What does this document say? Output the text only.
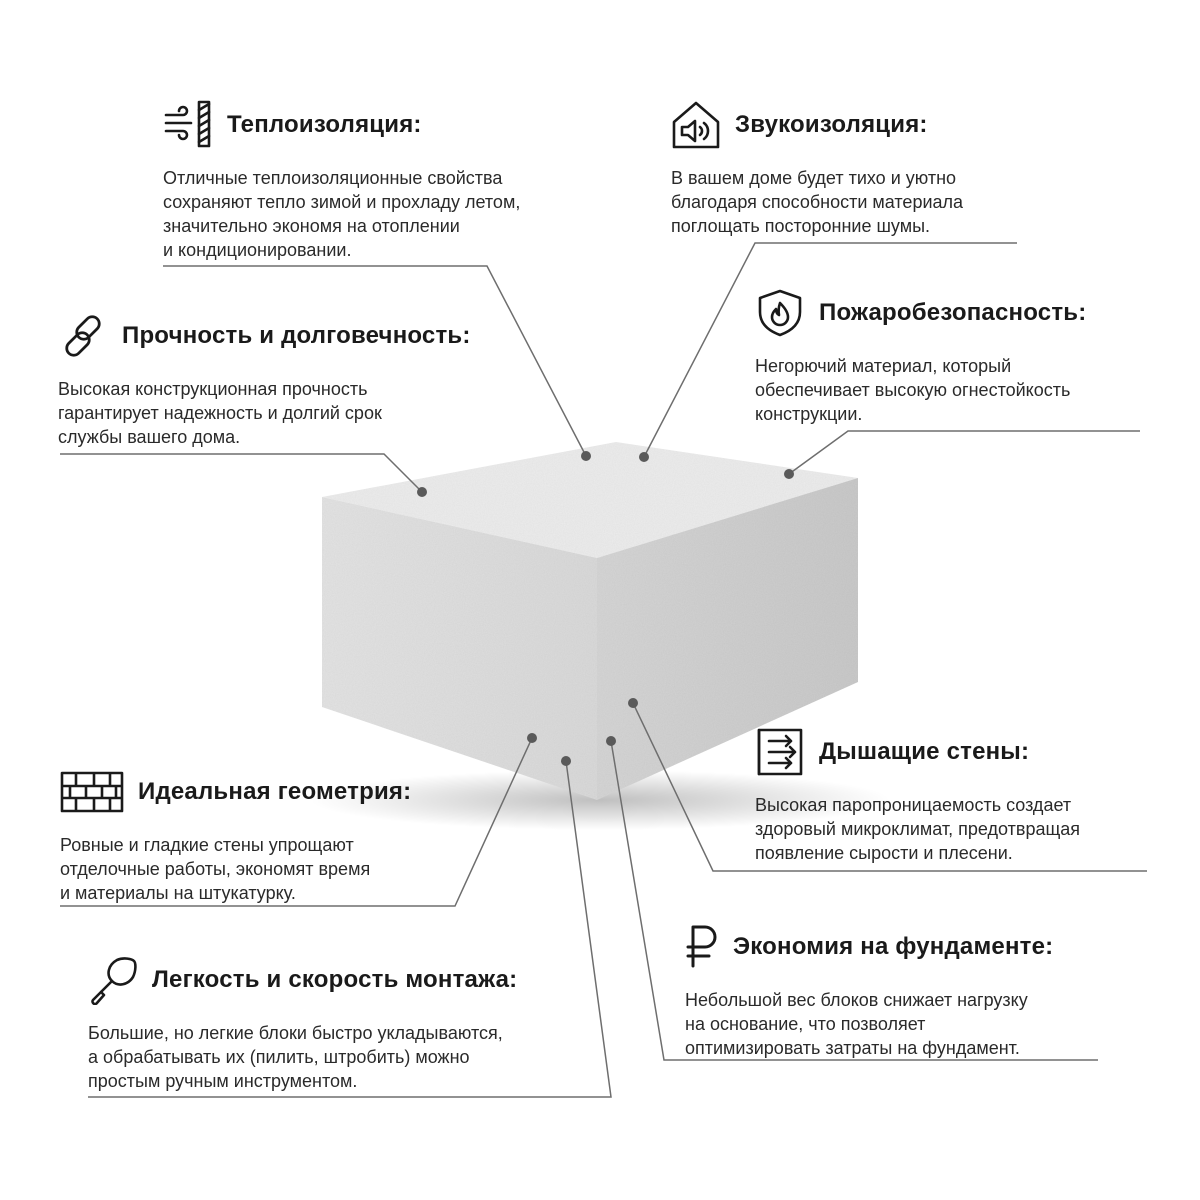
Теплоизоляция:
Отличные теплоизоляционные свойства
сохраняют тепло зимой и прохладу летом,
значительно экономя на отоплении
и кондиционировании.
Звукоизоляция:
В вашем доме будет тихо и уютно
благодаря способности материала
поглощать посторонние шумы.
Прочность и долговечность:
Высокая конструкционная прочность
гарантирует надежность и долгий срок
службы вашего дома.
Пожаробезопасность:
Негорючий материал, который
обеспечивает высокую огнестойкость
конструкции.
Дышащие стены:
Высокая паропроницаемость создает
здоровый микроклимат, предотвращая
появление сырости и плесени.
Идеальная геометрия:
Ровные и гладкие стены упрощают
отделочные работы, экономят время
и материалы на штукатурку.
Экономия на фундаменте:
Небольшой вес блоков снижает нагрузку
на основание, что позволяет
оптимизировать затраты на фундамент.
Легкость и скорость монтажа:
Большие, но легкие блоки быстро укладываются,
а обрабатывать их (пилить, штробить) можно
простым ручным инструментом.
